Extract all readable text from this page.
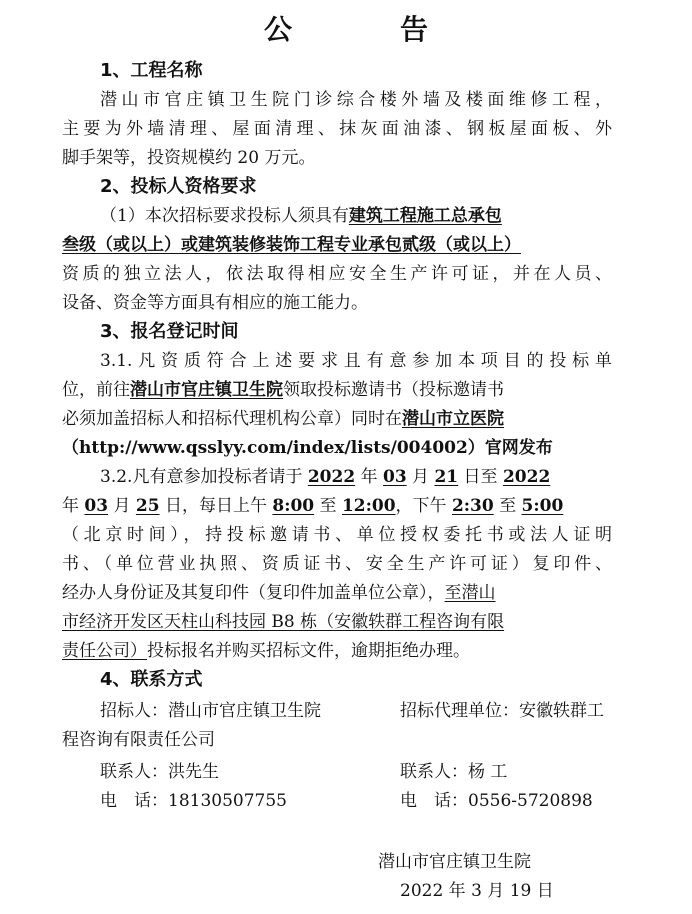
公　告
1、工程名称
潜山市官庄镇卫生院门诊综合楼外墙及楼面维修工程，
主要为外墙清理、屋面清理、抹灰面油漆、钢板屋面板、外
脚手架等，投资规模约 20 万元。
2、投标人资格要求
（1）本次招标要求投标人须具有建筑工程施工总承包
叁级（或以上）或建筑装修装饰工程专业承包贰级（或以上）
资质的独立法人，依法取得相应安全生产许可证，并在人员、
设备、资金等方面具有相应的施工能力。
3、报名登记时间
3.1.凡资质符合上述要求且有意参加本项目的投标单
位，前往潜山市官庄镇卫生院领取投标邀请书（投标邀请书
必须加盖招标人和招标代理机构公章）同时在潜山市立医院
（http://www.qsslyy.com/index/lists/004002）官网发布
3.2.凡有意参加投标者请于 2022 年 03 月 21 日至 2022
年 03 月 25 日，每日上午 8:00 至 12:00，下午 2:30 至 5:00
（北京时间），持投标邀请书、单位授权委托书或法人证明
书、（单位营业执照、资质证书、安全生产许可证）复印件、
经办人身份证及其复印件（复印件加盖单位公章），至潜山
市经济开发区天柱山科技园 B8 栋（安徽轶群工程咨询有限
责任公司）投标报名并购买招标文件，逾期拒绝办理。
4、联系方式
招标人：潜山市官庄镇卫生院	招标代理单位：安徽轶群工
程咨询有限责任公司
联系人：洪先生	联系人：杨 工
电　话：18130507755	电　话：0556-5720898
潜山市官庄镇卫生院
2022 年 3 月 19 日
